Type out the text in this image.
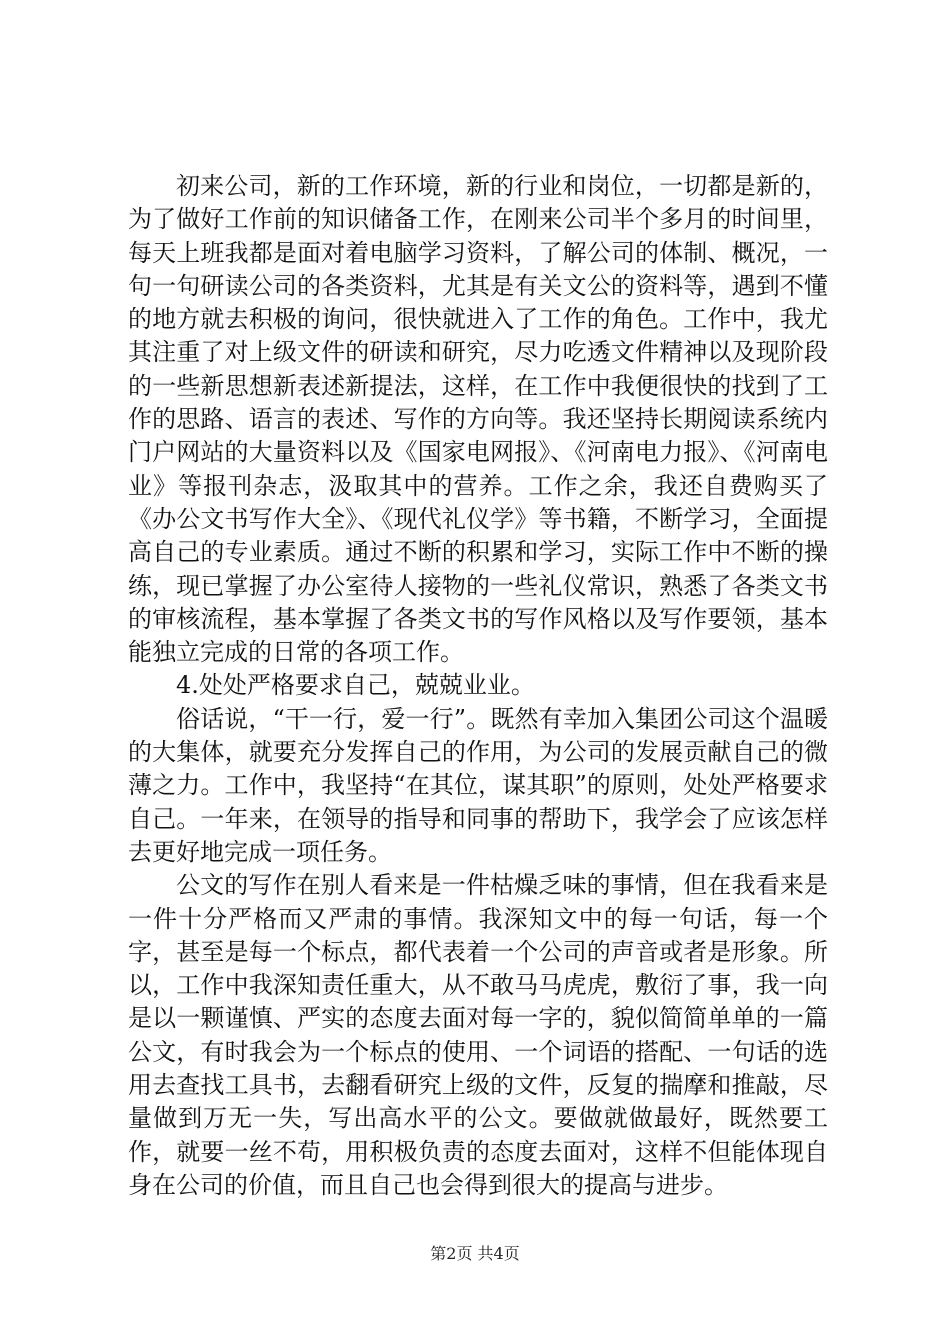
初来公司，新的工作环境，新的行业和岗位，一切都是新的，为了做好工作前的知识储备工作，在刚来公司半个多月的时间里，每天上班我都是面对着电脑学习资料，了解公司的体制、概况，一句一句研读公司的各类资料，尤其是有关文公的资料等，遇到不懂的地方就去积极的询问，很快就进入了工作的角色。工作中，我尤其注重了对上级文件的研读和研究，尽力吃透文件精神以及现阶段的一些新思想新表述新提法，这样，在工作中我便很快的找到了工作的思路、语言的表述、写作的方向等。我还坚持长期阅读系统内门户网站的大量资料以及《国家电网报》、《河南电力报》、《河南电业》等报刊杂志，汲取其中的营养。工作之余，我还自费购买了《办公文书写作大全》、《现代礼仪学》等书籍，不断学习，全面提高自己的专业素质。通过不断的积累和学习，实际工作中不断的操练，现已掌握了办公室待人接物的一些礼仪常识，熟悉了各类文书的审核流程，基本掌握了各类文书的写作风格以及写作要领，基本能独立完成的日常的各项工作。

4.处处严格要求自己，兢兢业业。

俗话说，“干一行，爱一行”。既然有幸加入集团公司这个温暖的大集体，就要充分发挥自己的作用，为公司的发展贡献自己的微薄之力。工作中，我坚持“在其位，谋其职”的原则，处处严格要求自己。一年来，在领导的指导和同事的帮助下，我学会了应该怎样去更好地完成一项任务。

公文的写作在别人看来是一件枯燥乏味的事情，但在我看来是一件十分严格而又严肃的事情。我深知文中的每一句话，每一个字，甚至是每一个标点，都代表着一个公司的声音或者是形象。所以，工作中我深知责任重大，从不敢马马虎虎，敷衍了事，我一向是以一颗谨慎、严实的态度去面对每一字的，貌似简简单单的一篇公文，有时我会为一个标点的使用、一个词语的搭配、一句话的选用去查找工具书，去翻看研究上级的文件，反复的揣摩和推敲，尽量做到万无一失，写出高水平的公文。要做就做最好，既然要工作，就要一丝不苟，用积极负责的态度去面对，这样不但能体现自身在公司的价值，而且自己也会得到很大的提高与进步。

第2页 共4页
